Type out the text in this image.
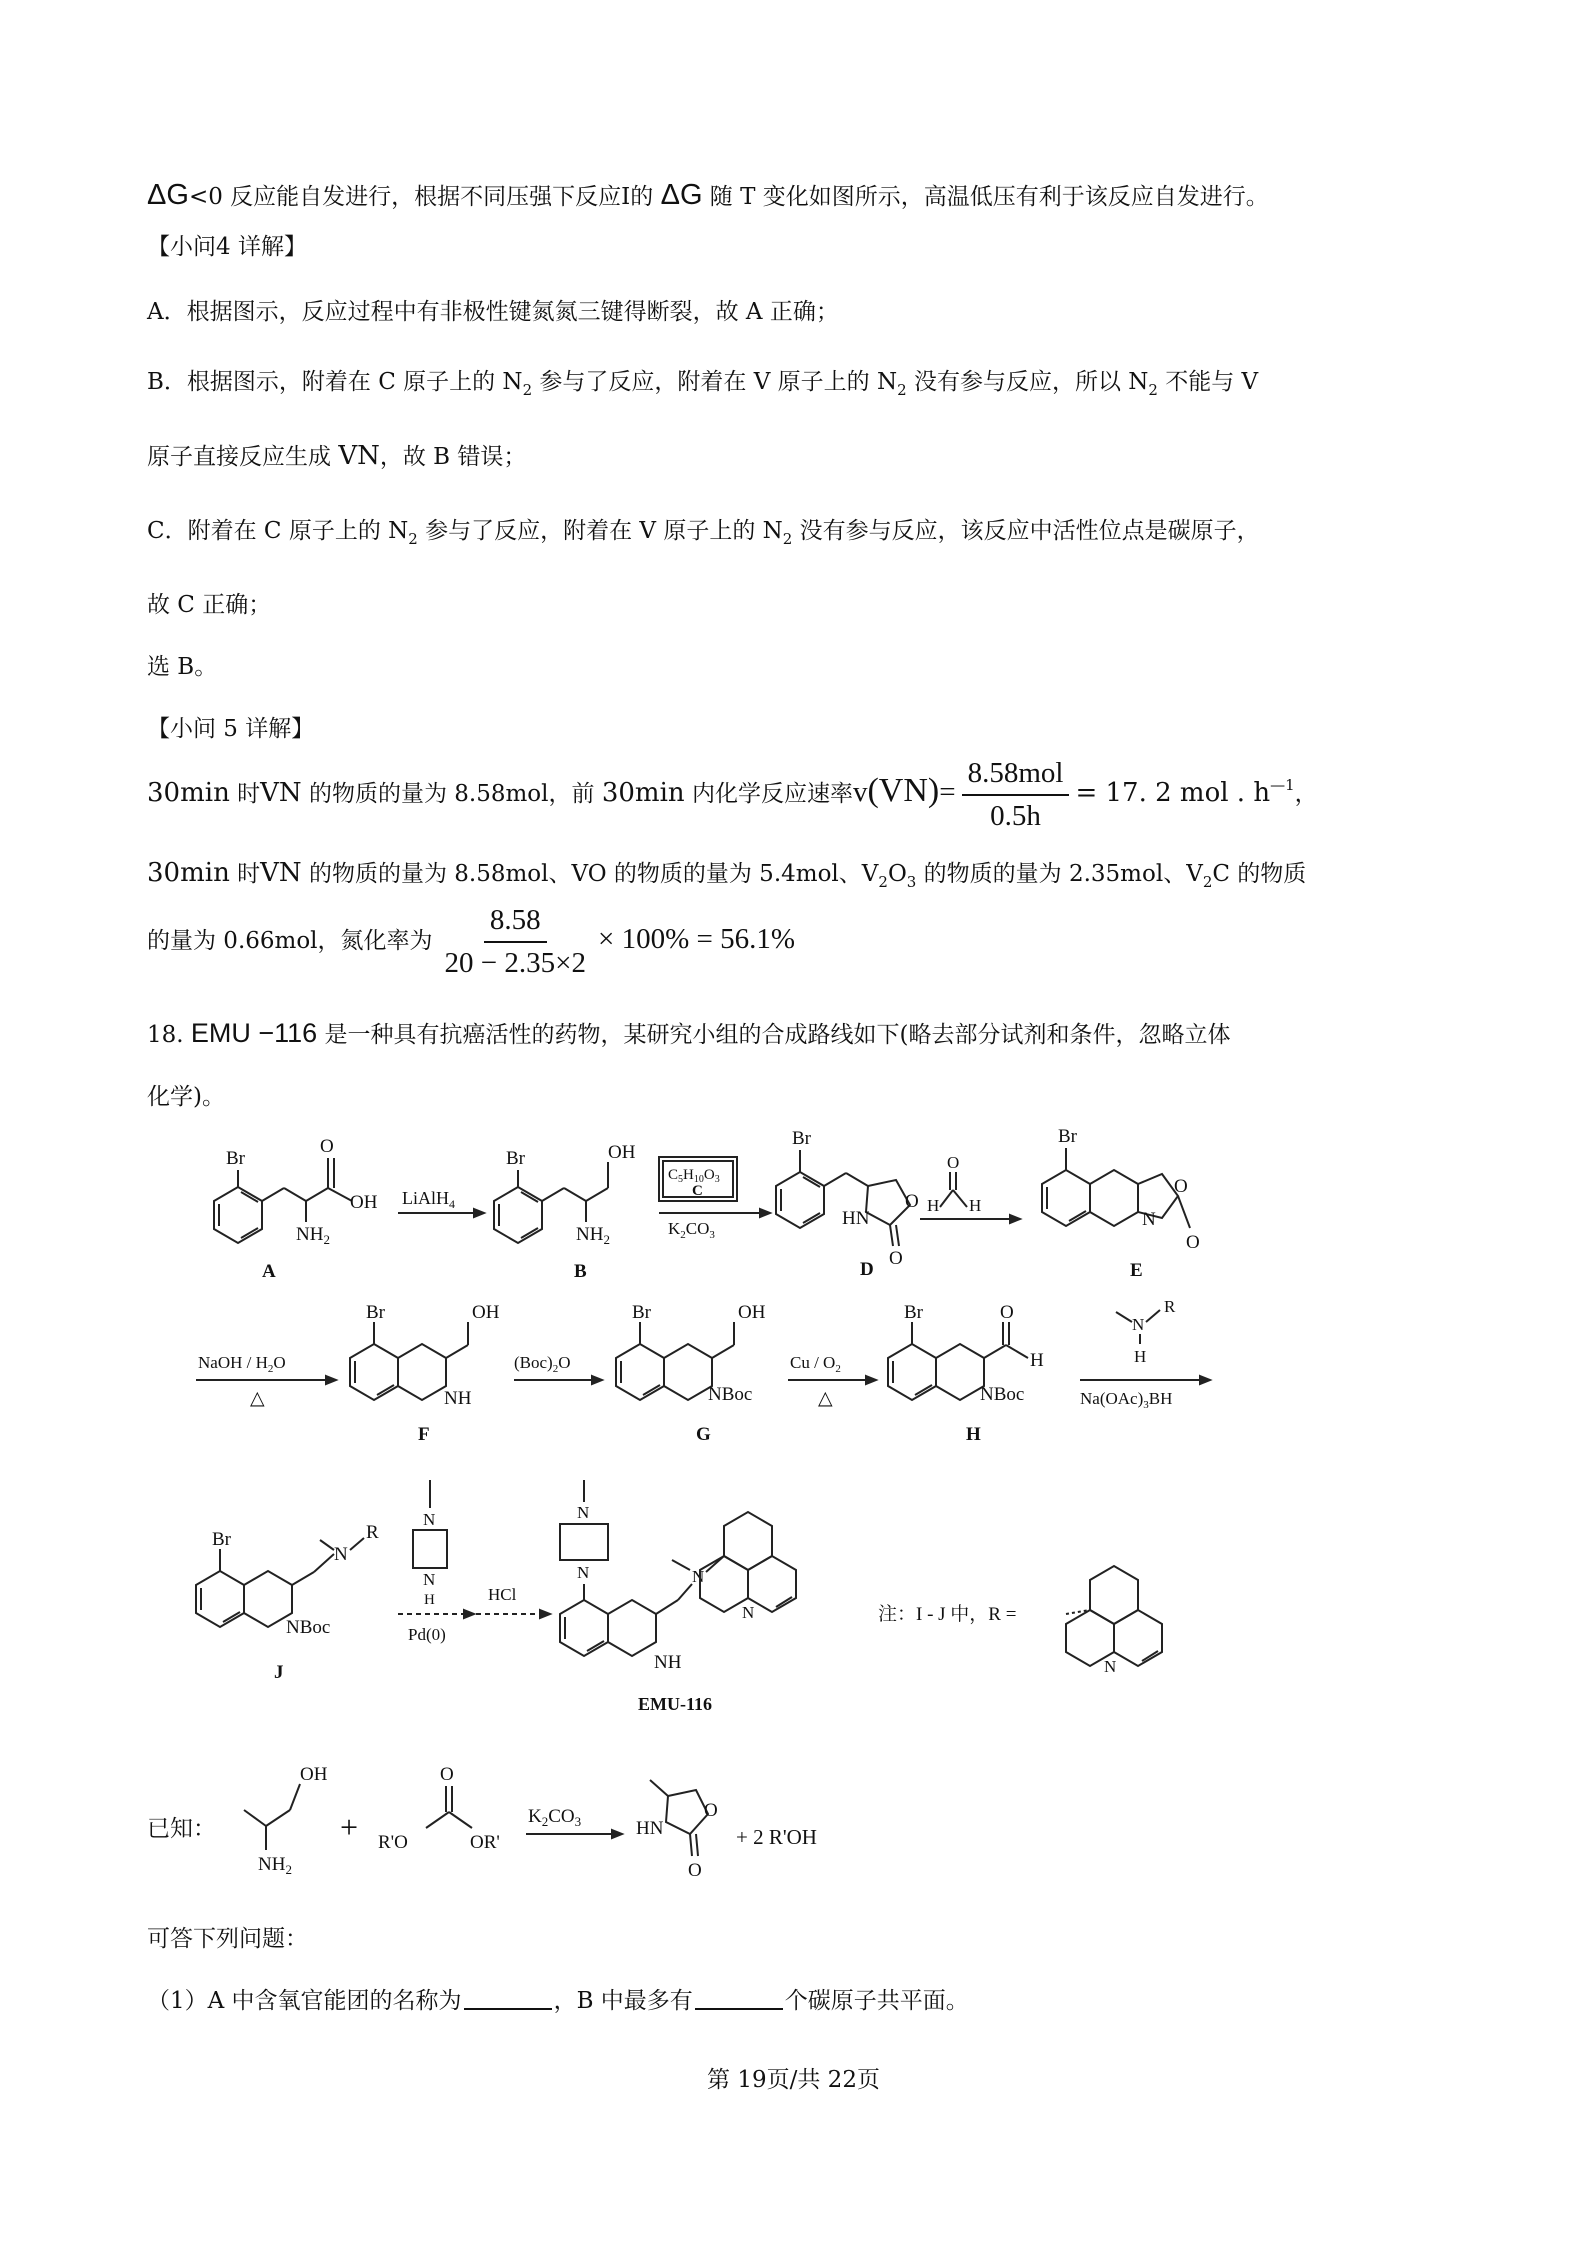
ΔG<0 反应能自发进行，根据不同压强下反应I的 ΔG 随 T 变化如图所示，高温低压有利于该反应自发进行。
【小问4 详解】
A．根据图示，反应过程中有非极性键氮氮三键得断裂，故 A 正确；
B．根据图示，附着在 C 原子上的 $N_2$ 参与了反应，附着在 V 原子上的 $N_2$ 没有参与反应，所以 $N_2$ 不能与 V
原子直接反应生成 VN，故 B 错误；
C．附着在 C 原子上的 $N_2$ 参与了反应，附着在 V 原子上的 $N_2$ 没有参与反应，该反应中活性位点是碳原子，
故 C 正确；
选 B。
【小问 5 详解】
30min 时VN 的物质的量为 8.58mol，前 30min 内化学反应速率$v(VN)= \frac{\text{8.58mol}}{0.5h} = 17$. 2 mol . $h^{—1}$，
30min 时VN 的物质的量为 8.58mol、VO 的物质的量为 5.4mol、$V_2O_3$ 的物质的量为 2.35mol、$V_2C$ 的物质
的量为 0.66mol，氮化率为 $\frac{8.58}{20 - 2.35\times 2} \times 100\% = 56.1\%$
18. EMU −116 是一种具有抗癌活性的药物，某研究小组的合成路线如下(略去部分试剂和条件，忽略立体
化学)。
Br
O
OH
$NH_2$
A
LiAlH$_4$
Br	OH
$NH_2$
B
$C_5H_{10}O_3$
C
$K_2CO_3$
Br
O
HN
O
D
O
H H
Br
O
N
O
E
NaOH / $H_2O$
△
Br	OH
NH
F
$(Boc)_2O$
Br	OH
NBoc
G
Cu / $O_2$
△
Br	O
H
NBoc
H
N
R
H
$Na(OAc)_3BH$
Br
N
R
NBoc
J
N
N
H
Pd(0)
HCl
N
N	N
N
NH
EMU-116
注：I - J 中，R =
N
OH
$NH_2$
+
O
R'O	OR'
$K_2CO_3$
O
HN
O
+ 2 R'OH
已知：
可答下列问题：
（1）A 中含氧官能团的名称为	，B 中最多有	个碳原子共平面。
第 19页/共 22页
